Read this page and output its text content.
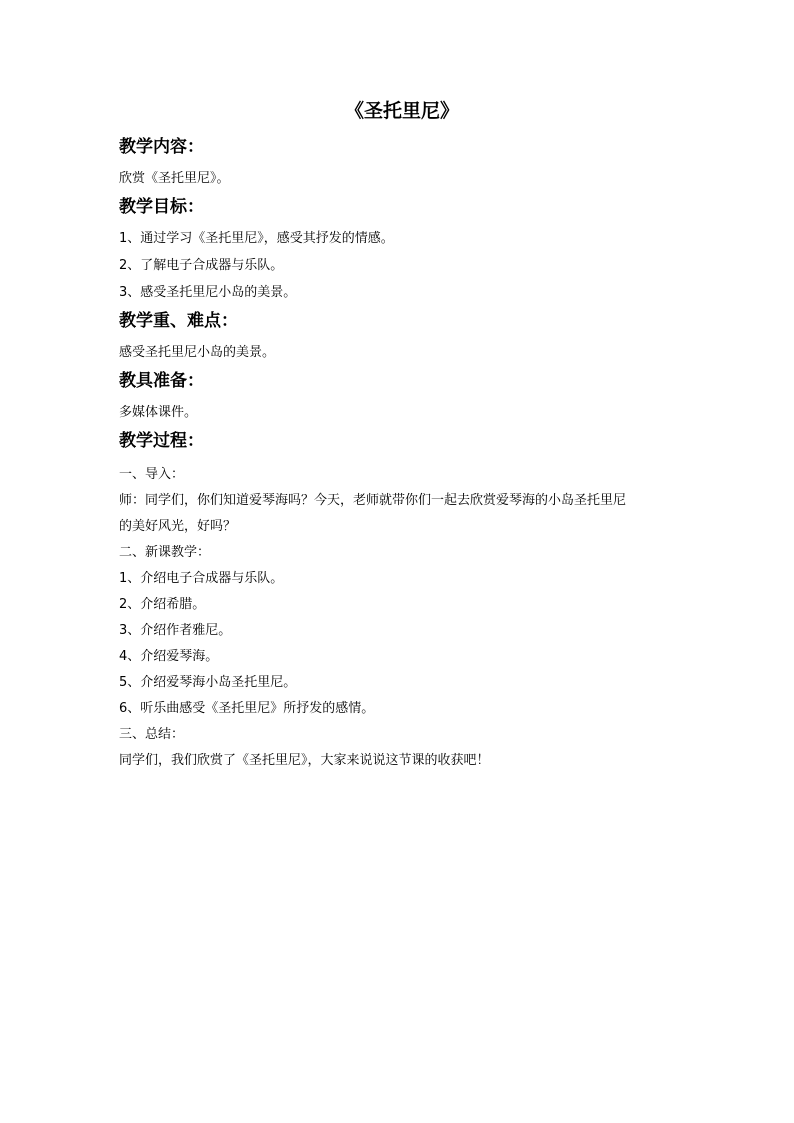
《圣托里尼》
教学内容：
欣赏《圣托里尼》。
教学目标：
1、通过学习《圣托里尼》，感受其抒发的情感。
2、了解电子合成器与乐队。
3、感受圣托里尼小岛的美景。
教学重、难点：
感受圣托里尼小岛的美景。
教具准备：
多媒体课件。
教学过程：
一、导入：
师：同学们，你们知道爱琴海吗？今天，老师就带你们一起去欣赏爱琴海的小岛圣托里尼
的美好风光，好吗？
二、新课教学：
1、介绍电子合成器与乐队。
2、介绍希腊。
3、介绍作者雅尼。
4、介绍爱琴海。
5、介绍爱琴海小岛圣托里尼。
6、听乐曲感受《圣托里尼》所抒发的感情。
三、总结：
同学们，我们欣赏了《圣托里尼》，大家来说说这节课的收获吧！
